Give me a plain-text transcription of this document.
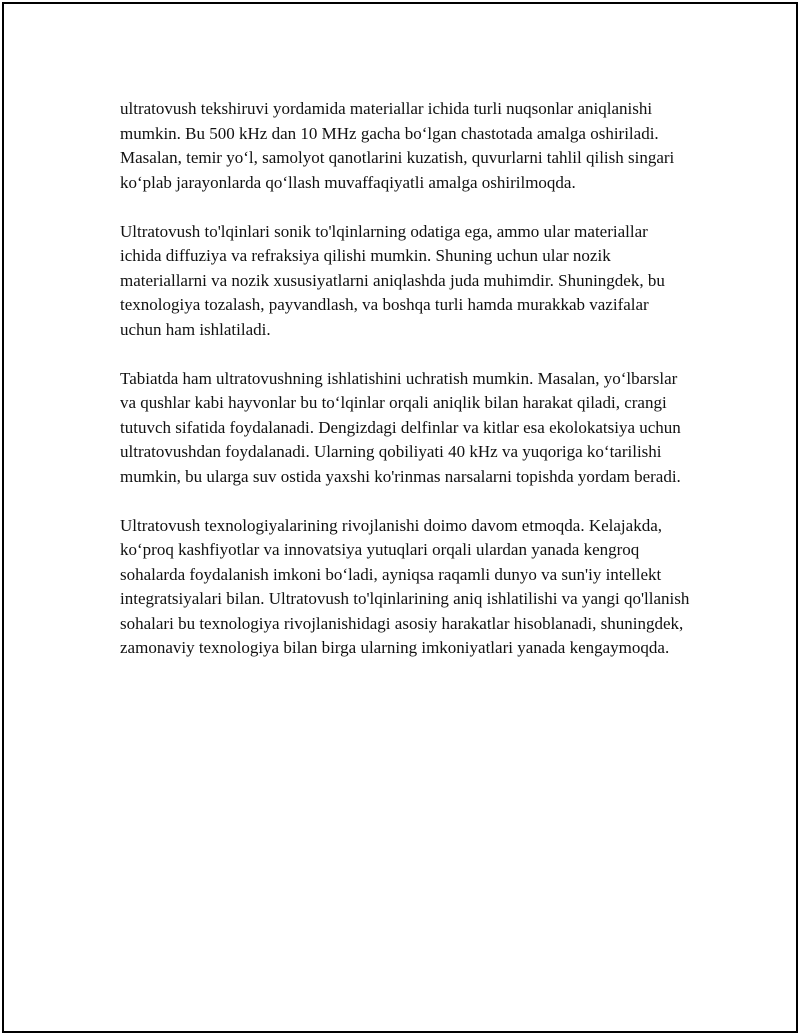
ultratovush tekshiruvi yordamida materiallar ichida turli nuqsonlar aniqlanishi mumkin. Bu 500 kHz dan 10 MHz gacha bo‘lgan chastotada amalga oshiriladi. Masalan, temir yo‘l, samolyot qanotlarini kuzatish, quvurlarni tahlil qilish singari ko‘plab jarayonlarda qo‘llash muvaffaqiyatli amalga oshirilmoqda.

Ultratovush to'lqinlari sonik to'lqinlarning odatiga ega, ammo ular materiallar ichida diffuziya va refraksiya qilishi mumkin. Shuning uchun ular nozik materiallarni va nozik xususiyatlarni aniqlashda juda muhimdir. Shuningdek, bu texnologiya tozalash, payvandlash, va boshqa turli hamda murakkab vazifalar uchun ham ishlatiladi.

Tabiatda ham ultratovushning ishlatishini uchratish mumkin. Masalan, yo‘lbarslar va qushlar kabi hayvonlar bu to‘lqinlar orqali aniqlik bilan harakat qiladi, crangi tutuvch sifatida foydalanadi. Dengizdagi delfinlar va kitlar esa ekolokatsiya uchun ultratovushdan foydalanadi. Ularning qobiliyati 40 kHz va yuqoriga ko‘tarilishi mumkin, bu ularga suv ostida yaxshi ko'rinmas narsalarni topishda yordam beradi.

Ultratovush texnologiyalarining rivojlanishi doimo davom etmoqda. Kelajakda, ko‘proq kashfiyotlar va innovatsiya yutuqlari orqali ulardan yanada kengroq sohalarda foydalanish imkoni bo‘ladi, ayniqsa raqamli dunyo va sun'iy intellekt integratsiyalari bilan. Ultratovush to'lqinlarining aniq ishlatilishi va yangi qo'llanish sohalari bu texnologiya rivojlanishidagi asosiy harakatlar hisoblanadi, shuningdek, zamonaviy texnologiya bilan birga ularning imkoniyatlari yanada kengaymoqda.
